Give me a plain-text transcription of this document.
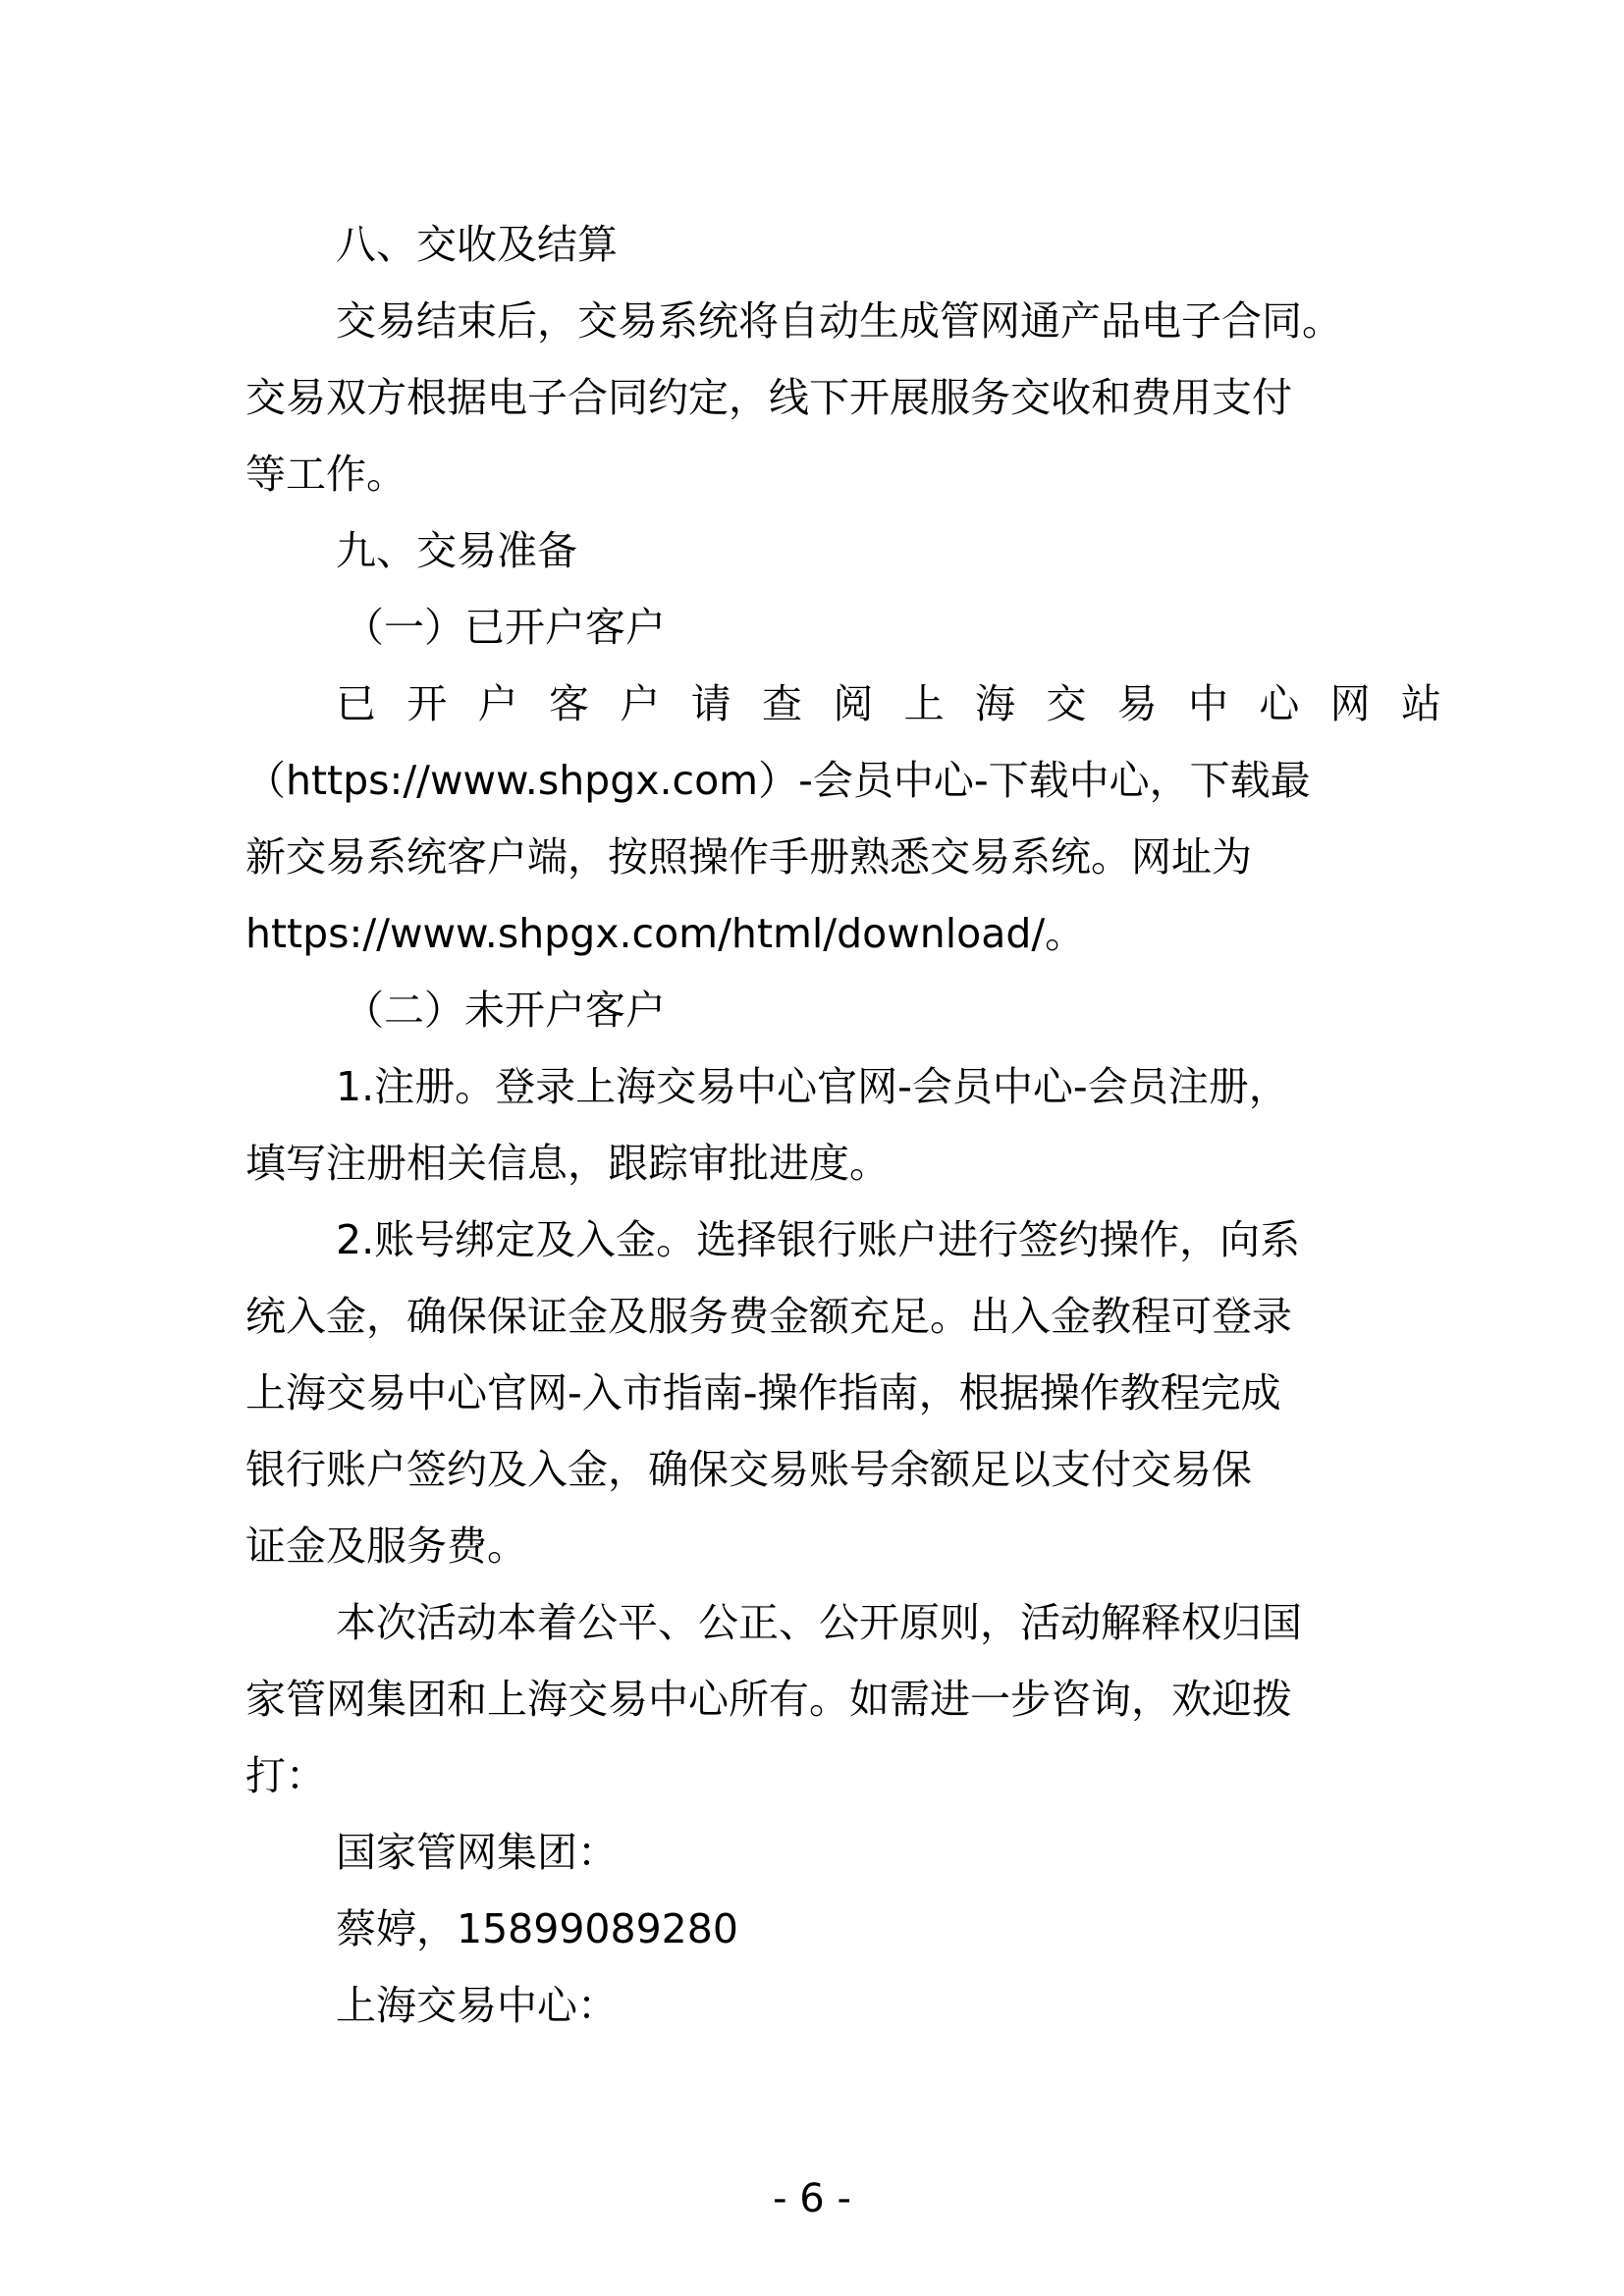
八、交收及结算

交易结束后，交易系统将自动生成管网通产品电子合同。

交易双方根据电子合同约定，线下开展服务交收和费用支付

等工作。

九、交易准备

（一）已开户客户

已开户客户请查阅上海交易中心网站

（https://www.shpgx.com）-会员中心-下载中心，下载最

新交易系统客户端，按照操作手册熟悉交易系统。网址为

https://www.shpgx.com/html/download/。

（二）未开户客户

1.注册。登录上海交易中心官网-会员中心-会员注册，

填写注册相关信息，跟踪审批进度。

2.账号绑定及入金。选择银行账户进行签约操作，向系

统入金，确保保证金及服务费金额充足。出入金教程可登录

上海交易中心官网-入市指南-操作指南，根据操作教程完成

银行账户签约及入金，确保交易账号余额足以支付交易保

证金及服务费。

本次活动本着公平、公正、公开原则，活动解释权归国

家管网集团和上海交易中心所有。如需进一步咨询，欢迎拨

打：

国家管网集团：

蔡婷，15899089280

上海交易中心：

- 6 -
